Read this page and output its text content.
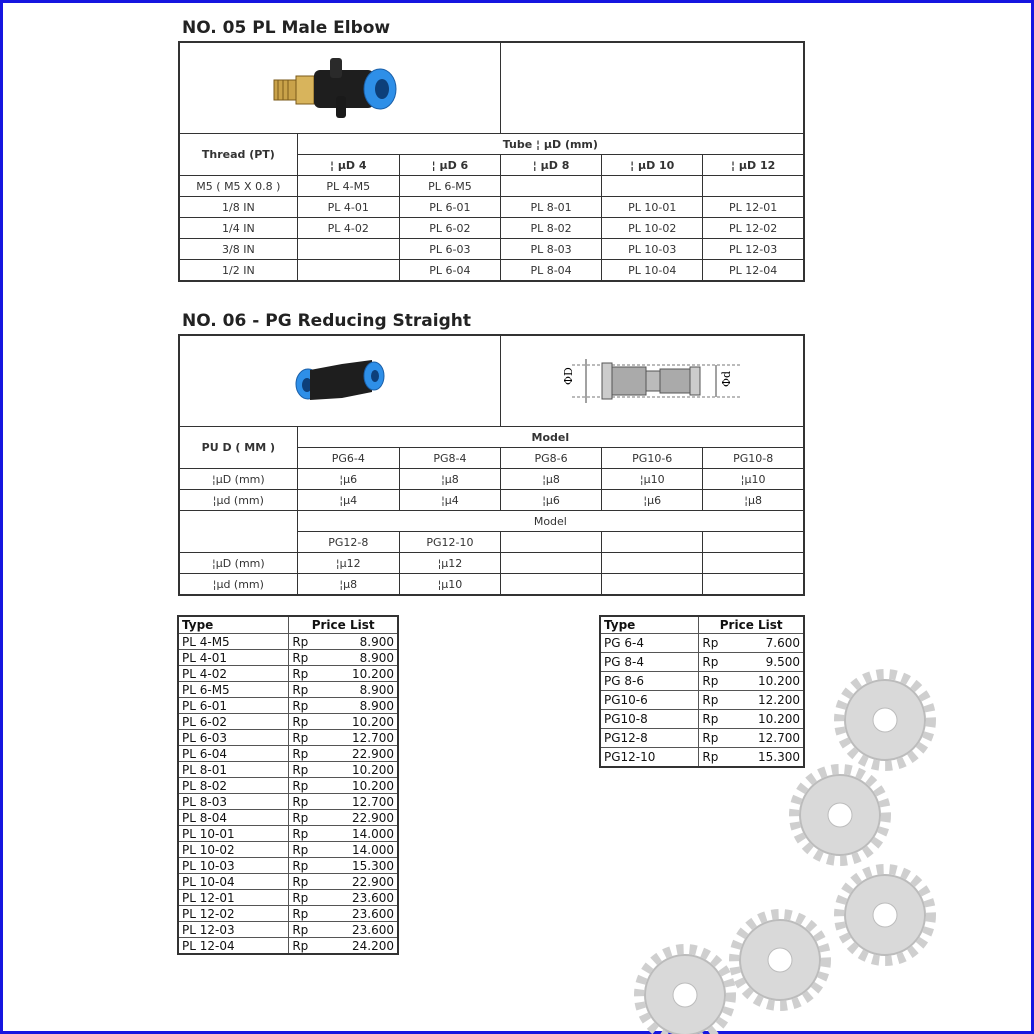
NO. 05 PL Male Elbow

Thread (PT)	Tube ¦ µD (mm)				
	¦ µD 4	¦ µD 6	¦ µD 8	¦ µD 10	¦ µD 12
M5 ( M5 X 0.8 )	PL 4-M5	PL 6-M5			
1/8 IN	PL 4-01	PL 6-01	PL 8-01	PL 10-01	PL 12-01
1/4 IN	PL 4-02	PL 6-02	PL 8-02	PL 10-02	PL 12-02
3/8 IN		PL 6-03	PL 8-03	PL 10-03	PL 12-03
1/2 IN		PL 6-04	PL 8-04	PL 10-04	PL 12-04
NO. 06 - PG Reducing Straight

ΦD Φd		

PU D ( MM )	Model				
	PG6-4	PG8-4	PG8-6	PG10-6	PG10-8
¦µD (mm)	¦µ6	¦µ8	¦µ8	¦µ10	¦µ10
¦µd (mm)	¦µ4	¦µ4	¦µ6	¦µ6	¦µ8
	Model				
	PG12-8	PG12-10			
¦µD (mm)	¦µ12	¦µ12			
¦µd (mm)	¦µ8	¦µ10			
Type	Price List	
PL 4-M5	Rp	8.900
PL 4-01	Rp	8.900
PL 4-02	Rp	10.200
PL 6-M5	Rp	8.900
PL 6-01	Rp	8.900
PL 6-02	Rp	10.200
PL 6-03	Rp	12.700
PL 6-04	Rp	22.900
PL 8-01	Rp	10.200
PL 8-02	Rp	10.200
PL 8-03	Rp	12.700
PL 8-04	Rp	22.900
PL 10-01	Rp	14.000
PL 10-02	Rp	14.000
PL 10-03	Rp	15.300
PL 10-04	Rp	22.900
PL 12-01	Rp	23.600
PL 12-02	Rp	23.600
PL 12-03	Rp	23.600
PL 12-04	Rp	24.200
Type	Price List	
PG 6-4	Rp	7.600
PG 8-4	Rp	9.500
PG 8-6	Rp	10.200
PG10-6	Rp	12.200
PG10-8	Rp	10.200
PG12-8	Rp	12.700
PG12-10	Rp	15.300
